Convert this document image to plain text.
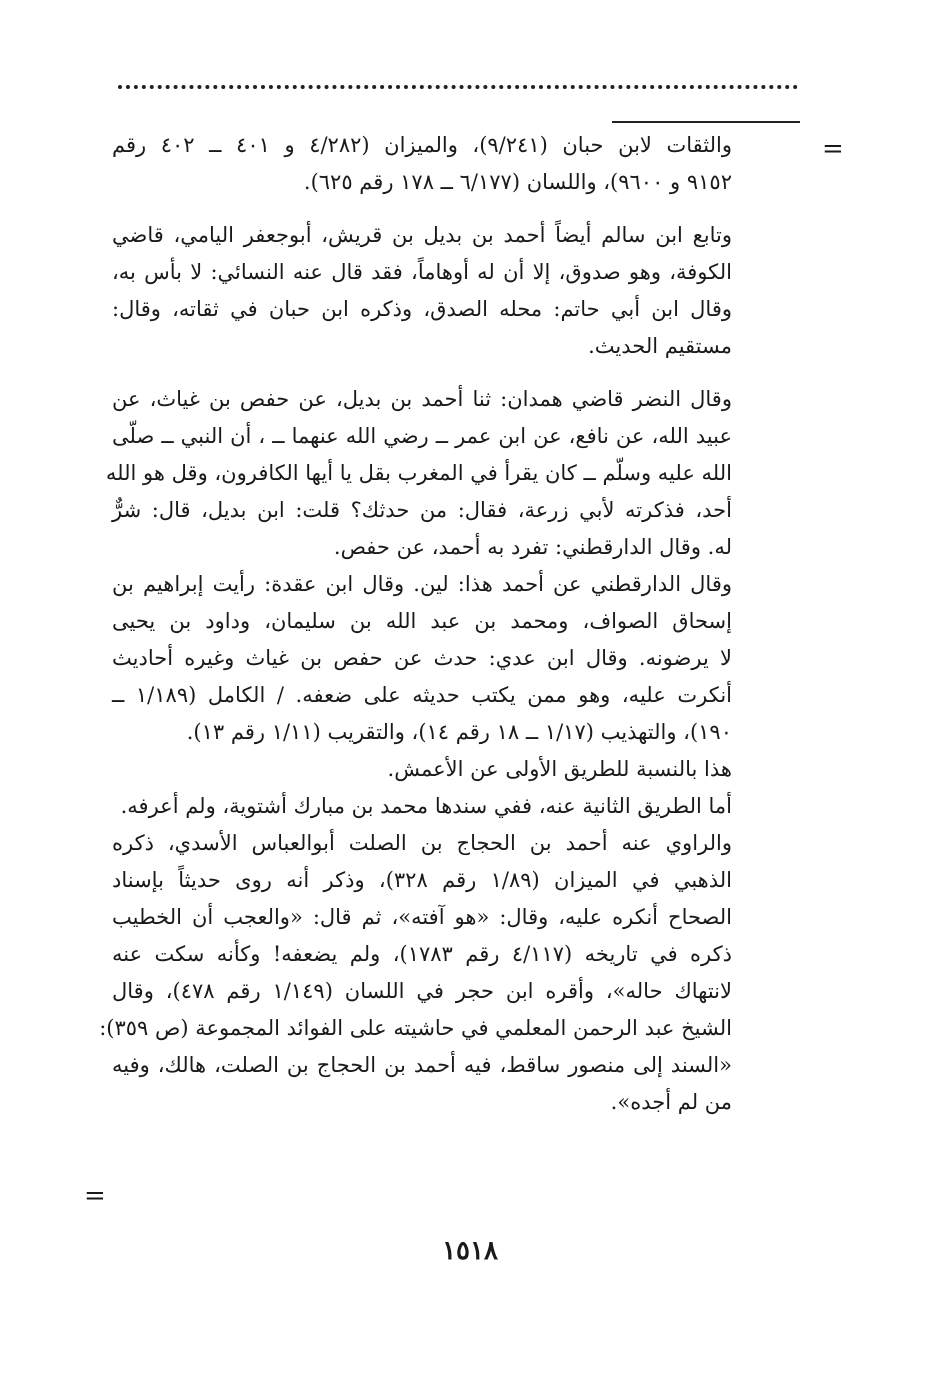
=
والثقات لابن حبان (٩/٢٤١)، والميزان (٤/٢٨٢ و ٤٠١ ــ ٤٠٢ رقم
٩١٥٢ و ٩٦٠٠)، واللسان (٦/١٧٧ ــ ١٧٨ رقم ٦٢٥).
وتابع ابن سالم أيضاً أحمد بن بديل بن قريش، أبوجعفر اليامي، قاضي
الكوفة، وهو صدوق، إلا أن له أوهاماً، فقد قال عنه النسائي: لا بأس به،
وقال ابن أبي حاتم: محله الصدق، وذكره ابن حبان في ثقاته، وقال:
مستقيم الحديث.
وقال النضر قاضي همدان: ثنا أحمد بن بديل، عن حفص بن غياث، عن
عبيد الله، عن نافع، عن ابن عمر ــ رضي الله عنهما ــ ، أن النبي ــ صلّى
الله عليه وسلّم ــ كان يقرأ في المغرب بقل يا أيها الكافرون، وقل هو الله
أحد، فذكرته لأبي زرعة، فقال: من حدثك؟ قلت: ابن بديل، قال: شرٌّ
له. وقال الدارقطني: تفرد به أحمد، عن حفص.
وقال الدارقطني عن أحمد هذا: لين. وقال ابن عقدة: رأيت إبراهيم بن
إسحاق الصواف، ومحمد بن عبد الله بن سليمان، وداود بن يحيى
لا يرضونه. وقال ابن عدي: حدث عن حفص بن غياث وغيره أحاديث
أنكرت عليه، وهو ممن يكتب حديثه على ضعفه. / الكامل (١/١٨٩ ــ
١٩٠)، والتهذيب (١/١٧ ــ ١٨ رقم ١٤)، والتقريب (١/١١ رقم ١٣).
هذا بالنسبة للطريق الأولى عن الأعمش.
أما الطريق الثانية عنه، ففي سندها محمد بن مبارك أشتوية، ولم أعرفه.
والراوي عنه أحمد بن الحجاج بن الصلت أبوالعباس الأسدي، ذكره
الذهبي في الميزان (١/٨٩ رقم ٣٢٨)، وذكر أنه روى حديثاً بإسناد
الصحاح أنكره عليه، وقال: «هو آفته»، ثم قال: «والعجب أن الخطيب
ذكره في تاريخه (٤/١١٧ رقم ١٧٨٣)، ولم يضعفه! وكأنه سكت عنه
لانتهاك حاله»، وأقره ابن حجر في اللسان (١/١٤٩ رقم ٤٧٨)، وقال
الشيخ عبد الرحمن المعلمي في حاشيته على الفوائد المجموعة (ص ٣٥٩):
«السند إلى منصور ساقط، فيه أحمد بن الحجاج بن الصلت، هالك، وفيه
من لم أجده».
=
١٥١٨
